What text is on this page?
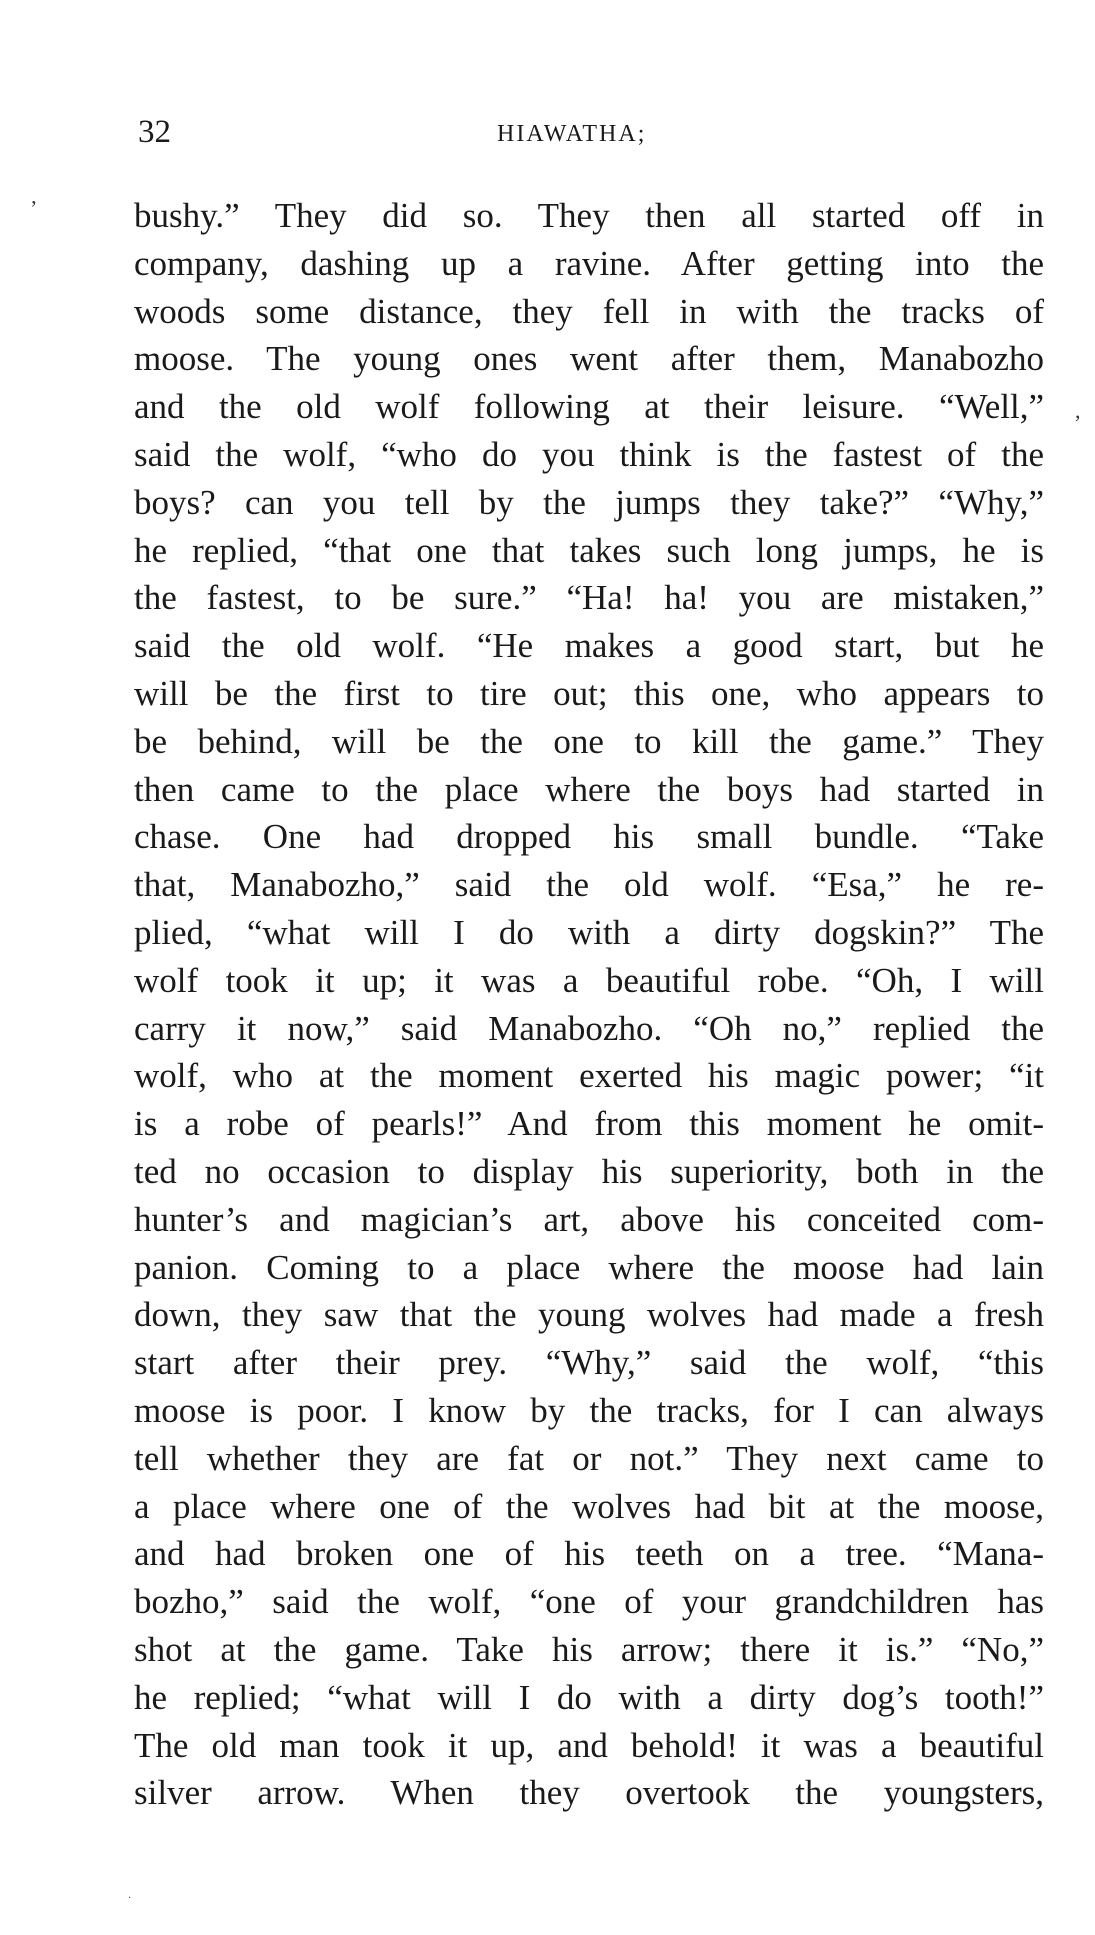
32	HIAWATHA;
ʼ
,
·
bushy.” They did so. They then all started off in
company, dashing up a ravine. After getting into the
woods some distance, they fell in with the tracks of
moose. The young ones went after them, Manabozho
and the old wolf following at their leisure. “Well,”
said the wolf, “who do you think is the fastest of the
boys? can you tell by the jumps they take?” “Why,”
he replied, “that one that takes such long jumps, he is
the fastest, to be sure.” “Ha! ha! you are mistaken,”
said the old wolf. “He makes a good start, but he
will be the first to tire out; this one, who appears to
be behind, will be the one to kill the game.” They
then came to the place where the boys had started in
chase. One had dropped his small bundle. “Take
that, Manabozho,” said the old wolf. “Esa,” he re-
plied, “what will I do with a dirty dogskin?” The
wolf took it up; it was a beautiful robe. “Oh, I will
carry it now,” said Manabozho. “Oh no,” replied the
wolf, who at the moment exerted his magic power; “it
is a robe of pearls!” And from this moment he omit-
ted no occasion to display his superiority, both in the
hunter’s and magician’s art, above his conceited com-
panion. Coming to a place where the moose had lain
down, they saw that the young wolves had made a fresh
start after their prey. “Why,” said the wolf, “this
moose is poor. I know by the tracks, for I can always
tell whether they are fat or not.” They next came to
a place where one of the wolves had bit at the moose,
and had broken one of his teeth on a tree. “Mana-
bozho,” said the wolf, “one of your grandchildren has
shot at the game. Take his arrow; there it is.” “No,”
he replied; “what will I do with a dirty dog’s tooth!”
The old man took it up, and behold! it was a beautiful
silver arrow. When they overtook the youngsters,
